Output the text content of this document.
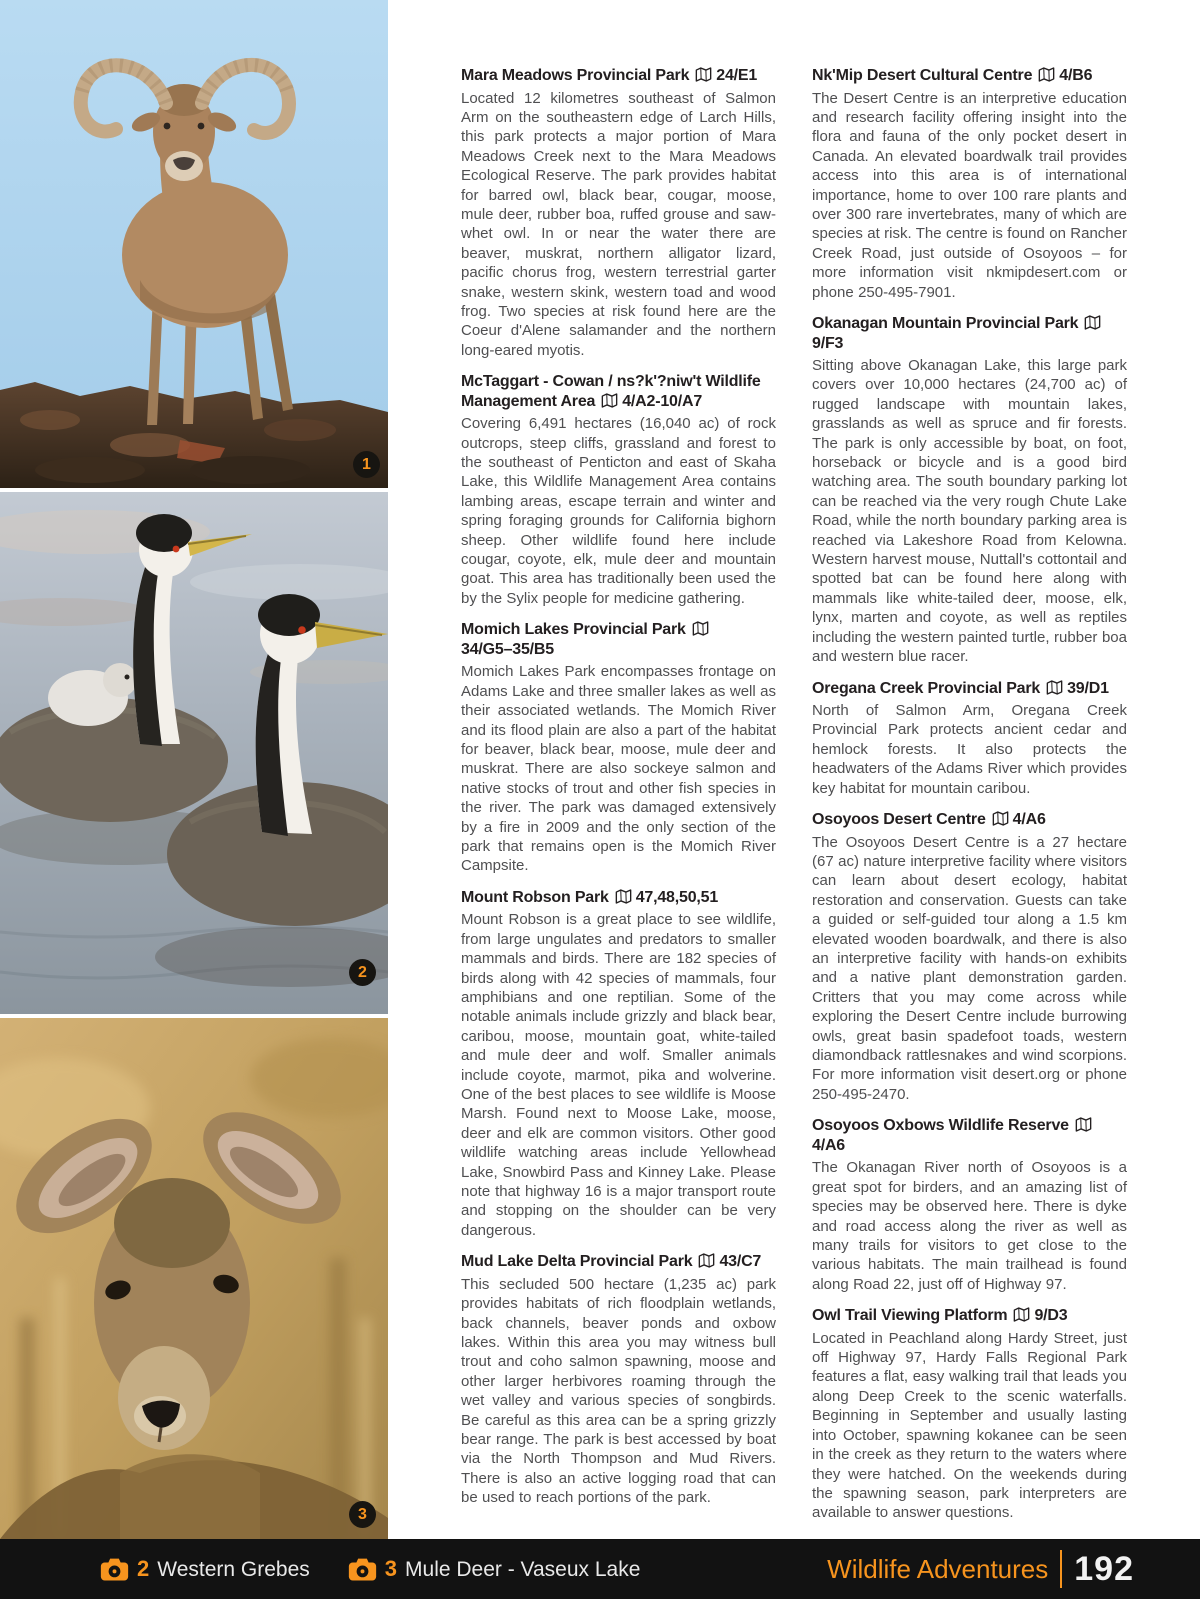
1
2
3
Mara Meadows Provincial Park 24/E1

Located 12 kilometres southeast of Salmon Arm on the southeastern edge of Larch Hills, this park protects a major portion of Mara Meadows Creek next to the Mara Meadows Ecological Reserve. The park provides habitat for barred owl, black bear, cougar, moose, mule deer, rubber boa, ruffed grouse and saw-whet owl. In or near the water there are beaver, muskrat, northern alligator lizard, pacific chorus frog, western terrestrial garter snake, western skink, western toad and wood frog. Two species at risk found here are the Coeur d'Alene salamander and the northern long-eared myotis.

McTaggart - Cowan / ns?k'?niw't Wildlife Management Area 4/A2-10/A7

Covering 6,491 hectares (16,040 ac) of rock outcrops, steep cliffs, grassland and forest to the southeast of Penticton and east of Skaha Lake, this Wildlife Management Area contains lambing areas, escape terrain and winter and spring foraging grounds for California bighorn sheep. Other wildlife found here include cougar, coyote, elk, mule deer and mountain goat. This area has traditionally been used the by the Sylix people for medicine gathering.

Momich Lakes Provincial Park34/G5–35/B5

Momich Lakes Park encompasses frontage on Adams Lake and three smaller lakes as well as their associated wetlands. The Momich River and its flood plain are also a part of the habitat for beaver, black bear, moose, mule deer and muskrat. There are also sockeye salmon and native stocks of trout and other fish species in the river. The park was damaged extensively by a fire in 2009 and the only section of the park that remains open is the Momich River Campsite.

Mount Robson Park 47,48,50,51

Mount Robson is a great place to see wildlife, from large ungulates and predators to smaller mammals and birds. There are 182 species of birds along with 42 species of mammals, four amphibians and one reptilian. Some of the notable animals include grizzly and black bear, caribou, moose, mountain goat, white-tailed and mule deer and wolf. Smaller animals include coyote, marmot, pika and wolverine. One of the best places to see wildlife is Moose Marsh. Found next to Moose Lake, moose, deer and elk are common visitors. Other good wildlife watching areas include Yellowhead Lake, Snowbird Pass and Kinney Lake. Please note that highway 16 is a major transport route and stopping on the shoulder can be very dangerous.

Mud Lake Delta Provincial Park 43/C7

This secluded 500 hectare (1,235 ac) park provides habitats of rich floodplain wetlands, back channels, beaver ponds and oxbow lakes. Within this area you may witness bull trout and coho salmon spawning, moose and other larger herbivores roaming through the wet valley and various species of songbirds. Be careful as this area can be a spring grizzly bear range. The park is best accessed by boat via the North Thompson and Mud Rivers. There is also an active logging road that can be used to reach portions of the park.

Nk'Mip Desert Cultural Centre 4/B6

The Desert Centre is an interpretive education and research facility offering insight into the flora and fauna of the only pocket desert in Canada. An elevated boardwalk trail provides access into this area is of international importance, home to over 100 rare plants and over 300 rare invertebrates, many of which are species at risk. The centre is found on Rancher Creek Road, just outside of Osoyoos – for more information visit nkmipdesert.com or phone 250-495-7901.

Okanagan Mountain Provincial Park9/F3

Sitting above Okanagan Lake, this large park covers over 10,000 hectares (24,700 ac) of rugged landscape with mountain lakes, grasslands as well as spruce and fir forests. The park is only accessible by boat, on foot, horseback or bicycle and is a good bird watching area. The south boundary parking lot can be reached via the very rough Chute Lake Road, while the north boundary parking area is reached via Lakeshore Road from Kelowna. Western harvest mouse, Nuttall's cottontail and spotted bat can be found here along with mammals like white-tailed deer, moose, elk, lynx, marten and coyote, as well as reptiles including the western painted turtle, rubber boa and western blue racer.

Oregana Creek Provincial Park 39/D1

North of Salmon Arm, Oregana Creek Provincial Park protects ancient cedar and hemlock forests. It also protects the headwaters of the Adams River which provides key habitat for mountain caribou.

Osoyoos Desert Centre 4/A6

The Osoyoos Desert Centre is a 27 hectare (67 ac) nature interpretive facility where visitors can learn about desert ecology, habitat restoration and conservation. Guests can take a guided or self-guided tour along a 1.5 km elevated wooden boardwalk, and there is also an interpretive facility with hands-on exhibits and a native plant demonstration garden. Critters that you may come across while exploring the Desert Centre include burrowing owls, great basin spadefoot toads, western diamondback rattlesnakes and wind scorpions. For more information visit desert.org or phone 250-495-2470.

Osoyoos Oxbows Wildlife Reserve4/A6

The Okanagan River north of Osoyoos is a great spot for birders, and an amazing list of species may be observed here. There is dyke and road access along the river as well as many trails for visitors to get close to the various habitats. The main trailhead is found along Road 22, just off of Highway 97.

Owl Trail Viewing Platform 9/D3

Located in Peachland along Hardy Street, just off Highway 97, Hardy Falls Regional Park features a flat, easy walking trail that leads you along Deep Creek to the scenic waterfalls. Beginning in September and usually lasting into October, spawning kokanee can be seen in the creek as they return to the waters where they were hatched. On the weekends during the spawning season, park interpreters are available to answer questions.

2 Western Grebes	3 Mule Deer - Vaseux Lake	Wildlife Adventures 192
